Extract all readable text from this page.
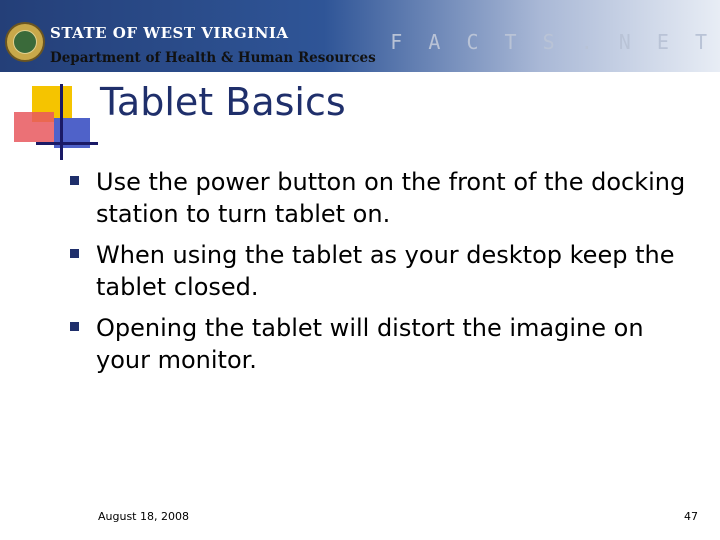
STATE OF WEST VIRGINIA

Department of Health & Human Resources

F A C T S . N E T

Tablet Basics
Use the power button on the front of the docking station to turn tablet on.
When using the tablet as your desktop keep the tablet closed.
Opening the tablet will distort the imagine on your monitor.

August 18, 2008	47
